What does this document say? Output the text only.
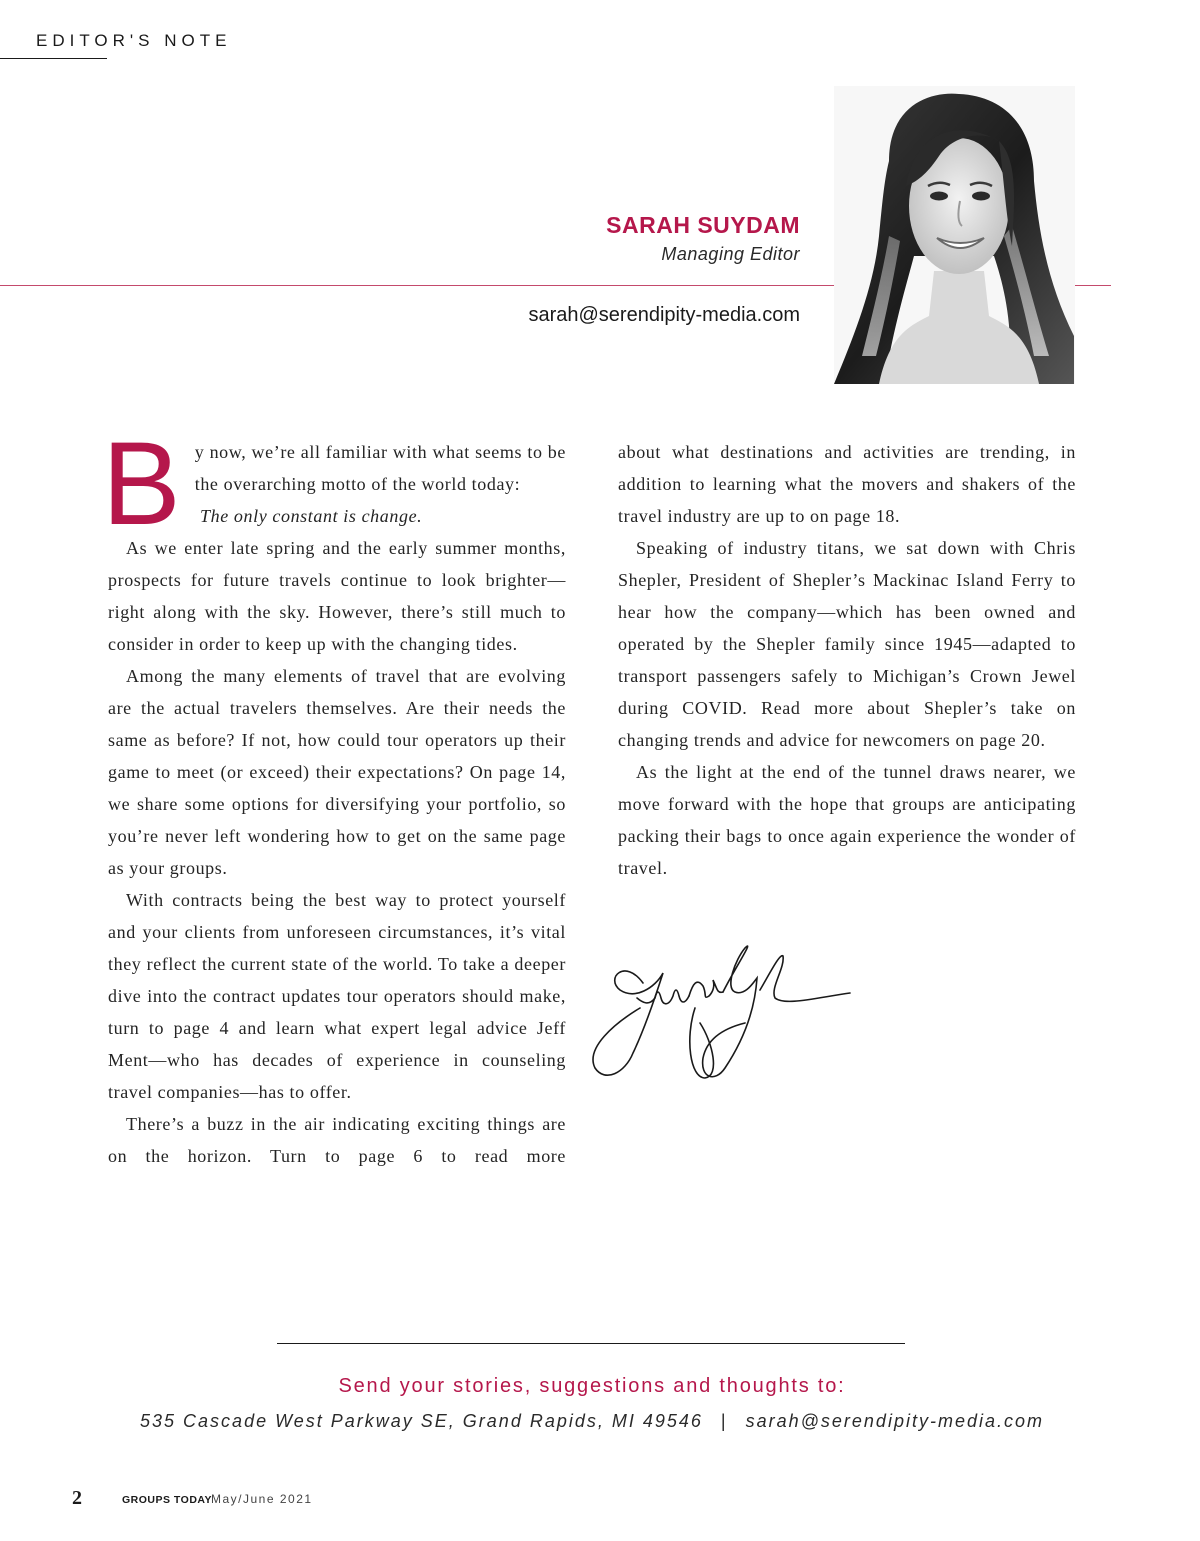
EDITOR'S NOTE
SARAH SUYDAM
Managing Editor
sarah@serendipity-media.com

By now, we’re all familiar with what seems to be the overarching motto of the world today:
The only constant is change.

As we enter late spring and the early summer months, prospects for future travels continue to look brighter—right along with the sky. However, there’s still much to consider in order to keep up with the changing tides.

Among the many elements of travel that are evolving are the actual travelers themselves. Are their needs the same as before? If not, how could tour operators up their game to meet (or exceed) their expectations? On page 14, we share some options for diversifying your portfolio, so you’re never left wondering how to get on the same page as your groups.

With contracts being the best way to protect yourself and your clients from unforeseen circumstances, it’s vital they reflect the current state of the world. To take a deeper dive into the contract updates tour operators should make, turn to page 4 and learn what expert legal advice Jeff Ment—who has decades of experience in counseling travel companies—has to offer.

There’s a buzz in the air indicating exciting things are on the horizon. Turn to page 6 to read more

about what destinations and activities are trending, in addition to learning what the movers and shakers of the travel industry are up to on page 18.

Speaking of industry titans, we sat down with Chris Shepler, President of Shepler’s Mackinac Island Ferry to hear how the company—which has been owned and operated by the Shepler family since 1945—adapted to transport passengers safely to Michigan’s Crown Jewel during COVID. Read more about Shepler’s take on changing trends and advice for newcomers on page 20.

As the light at the end of the tunnel draws nearer, we move forward with the hope that groups are anticipating packing their bags to once again experience the wonder of travel.

Send your stories, suggestions and thoughts to:
535 Cascade West Parkway SE, Grand Rapids, MI 49546 | sarah@serendipity-media.com
2	GROUPS TODAY
May/June 2021
